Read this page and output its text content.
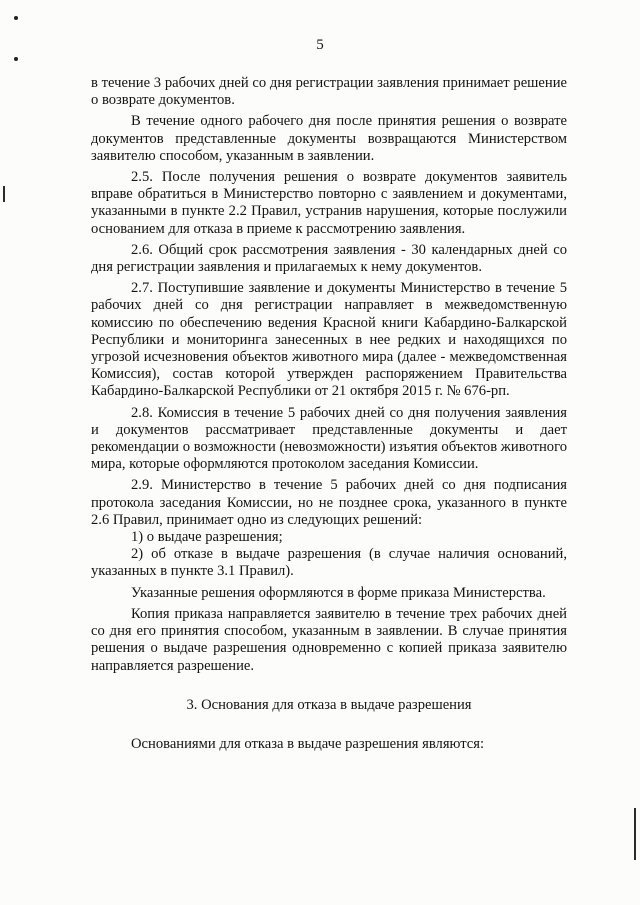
5

в течение 3 рабочих дней со дня регистрации заявления принимает решение о возврате документов.

В течение одного рабочего дня после принятия решения о возврате документов представленные документы возвращаются Министерством заявителю способом, указанным в заявлении.

2.5. После получения решения о возврате документов заявитель вправе обратиться в Министерство повторно с заявлением и документами, указанными в пункте 2.2 Правил, устранив нарушения, которые послужили основанием для отказа в приеме к рассмотрению заявления.

2.6. Общий срок рассмотрения заявления - 30 календарных дней со дня регистрации заявления и прилагаемых к нему документов.

2.7. Поступившие заявление и документы Министерство в течение 5 рабочих дней со дня регистрации направляет в межведомственную комиссию по обеспечению ведения Красной книги Кабардино-Балкарской Республики и мониторинга занесенных в нее редких и находящихся по угрозой исчезновения объектов животного мира (далее - межведомственная Комиссия), состав которой утвержден распоряжением Правительства Кабардино-Балкарской Республики от 21 октября 2015 г. № 676-рп.

2.8. Комиссия в течение 5 рабочих дней со дня получения заявления и документов рассматривает представленные документы и дает рекомендации о возможности (невозможности) изъятия объектов животного мира, которые оформляются протоколом заседания Комиссии.

2.9. Министерство в течение 5 рабочих дней со дня подписания протокола заседания Комиссии, но не позднее срока, указанного в пункте 2.6 Правил, принимает одно из следующих решений:

1) о выдаче разрешения;

2) об отказе в выдаче разрешения (в случае наличия оснований, указанных в пункте 3.1 Правил).

Указанные решения оформляются в форме приказа Министерства.

Копия приказа направляется заявителю в течение трех рабочих дней со дня его принятия способом, указанным в заявлении. В случае принятия решения о выдаче разрешения одновременно с копией приказа заявителю направляется разрешение.

3. Основания для отказа в выдаче разрешения

Основаниями для отказа в выдаче разрешения являются:
